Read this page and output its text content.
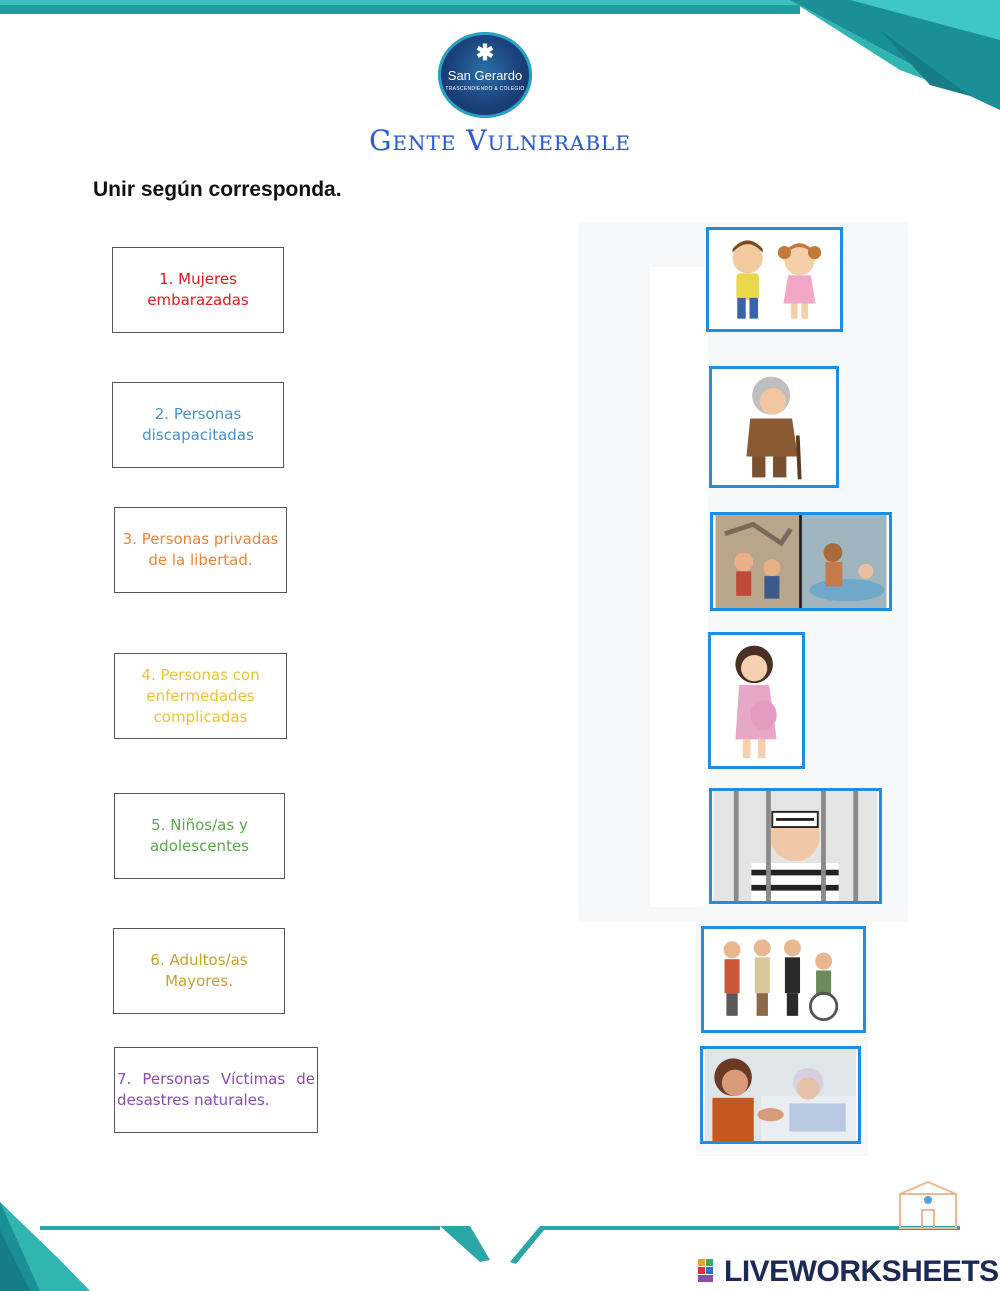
✱
San Gerardo
TRASCENDIENDO & COLEGIO
Gente Vulnerable
Unir según corresponda.
1. Mujeres embarazadas
2. Personas discapacitadas
3. Personas privadas de la libertad.
4. Personas con enfermedades complicadas
5. Niños/as y adolescentes
6. Adultos/as Mayores.
7. Personas Víctimas de desastres naturales.
LIVEWORKSHEETS
